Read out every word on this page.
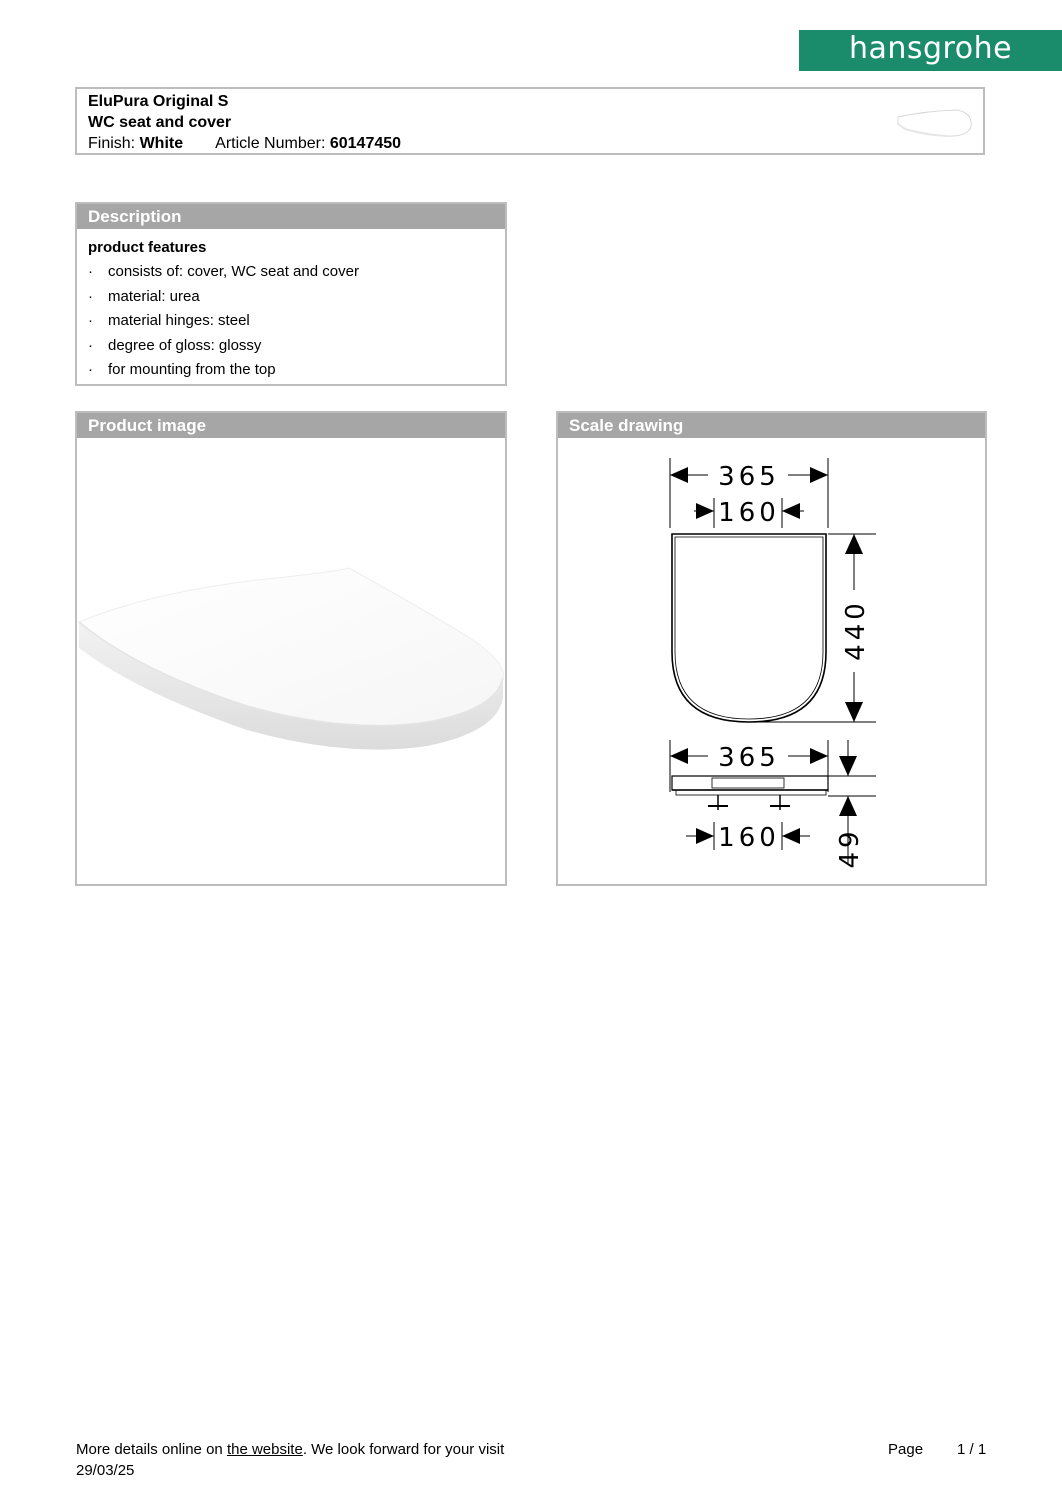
hansgrohe
EluPura Original S
WC seat and cover
Finish: White Article Number: 60147450
Description
product features
· consists of: cover, WC seat and cover
· material: urea
· material hinges: steel
· degree of gloss: glossy
· for mounting from the top
Product image	Scale drawing
365
160
440
365
49
160
More details online on the website. We look forward for your visit
29/03/25
Page 1 / 1
